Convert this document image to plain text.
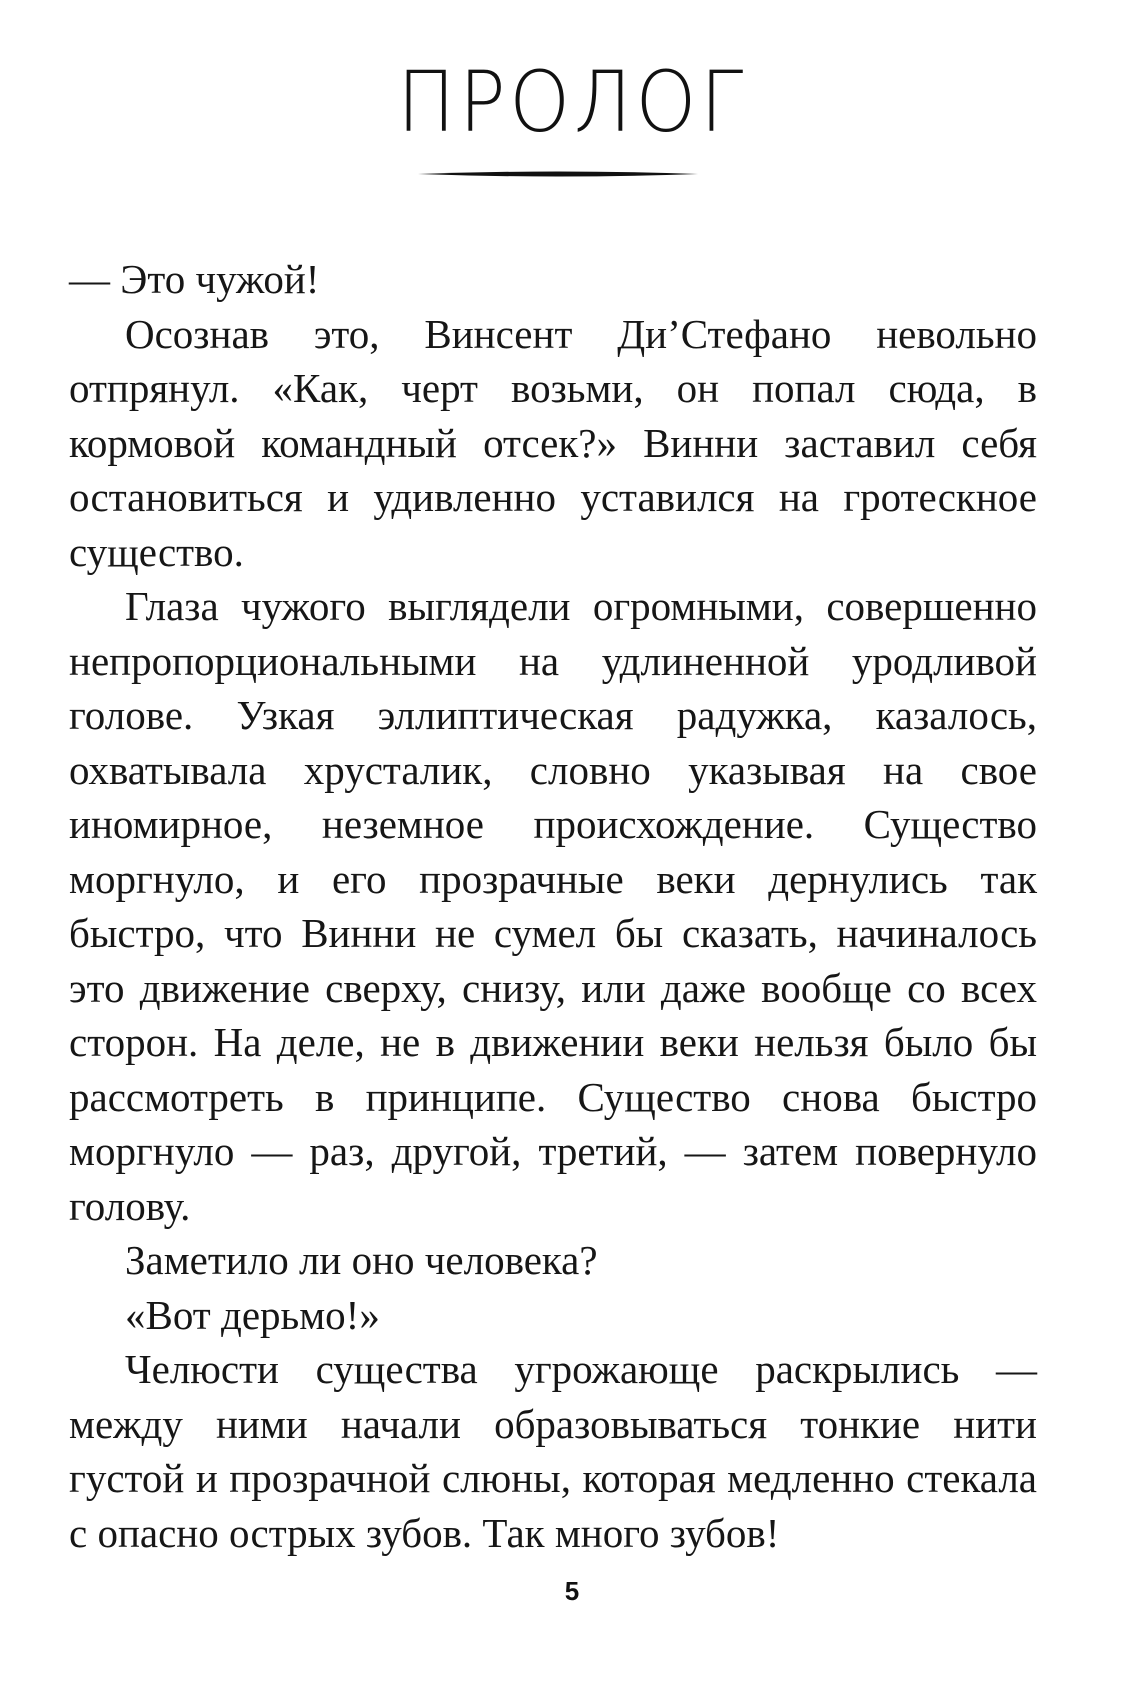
ПРОЛОГ

— Это чужой!

Осознав это, Винсент Ди’Стефано невольно отпрянул. «Как, черт возьми, он попал сюда, в кормовой командный отсек?» Винни заставил себя остановиться и удивленно уставился на гротескное существо.

Глаза чужого выглядели огромными, совершенно непропорциональными на удлиненной уродливой голове. Узкая эллиптическая радужка, казалось, охватывала хрусталик, словно указывая на свое иномирное, неземное происхождение. Существо моргнуло, и его прозрачные веки дернулись так быстро, что Винни не сумел бы сказать, начиналось это движение сверху, снизу, или даже вообще со всех сторон. На деле, не в движении веки нельзя было бы рассмотреть в принципе. Существо снова быстро моргнуло — раз, другой, третий, — затем повернуло голову.

Заметило ли оно человека?

«Вот дерьмо!»

Челюсти существа угрожающе раскрылись — между ними начали образовываться тонкие нити густой и прозрачной слюны, которая медленно стекала с опасно острых зубов. Так много зубов!

5
